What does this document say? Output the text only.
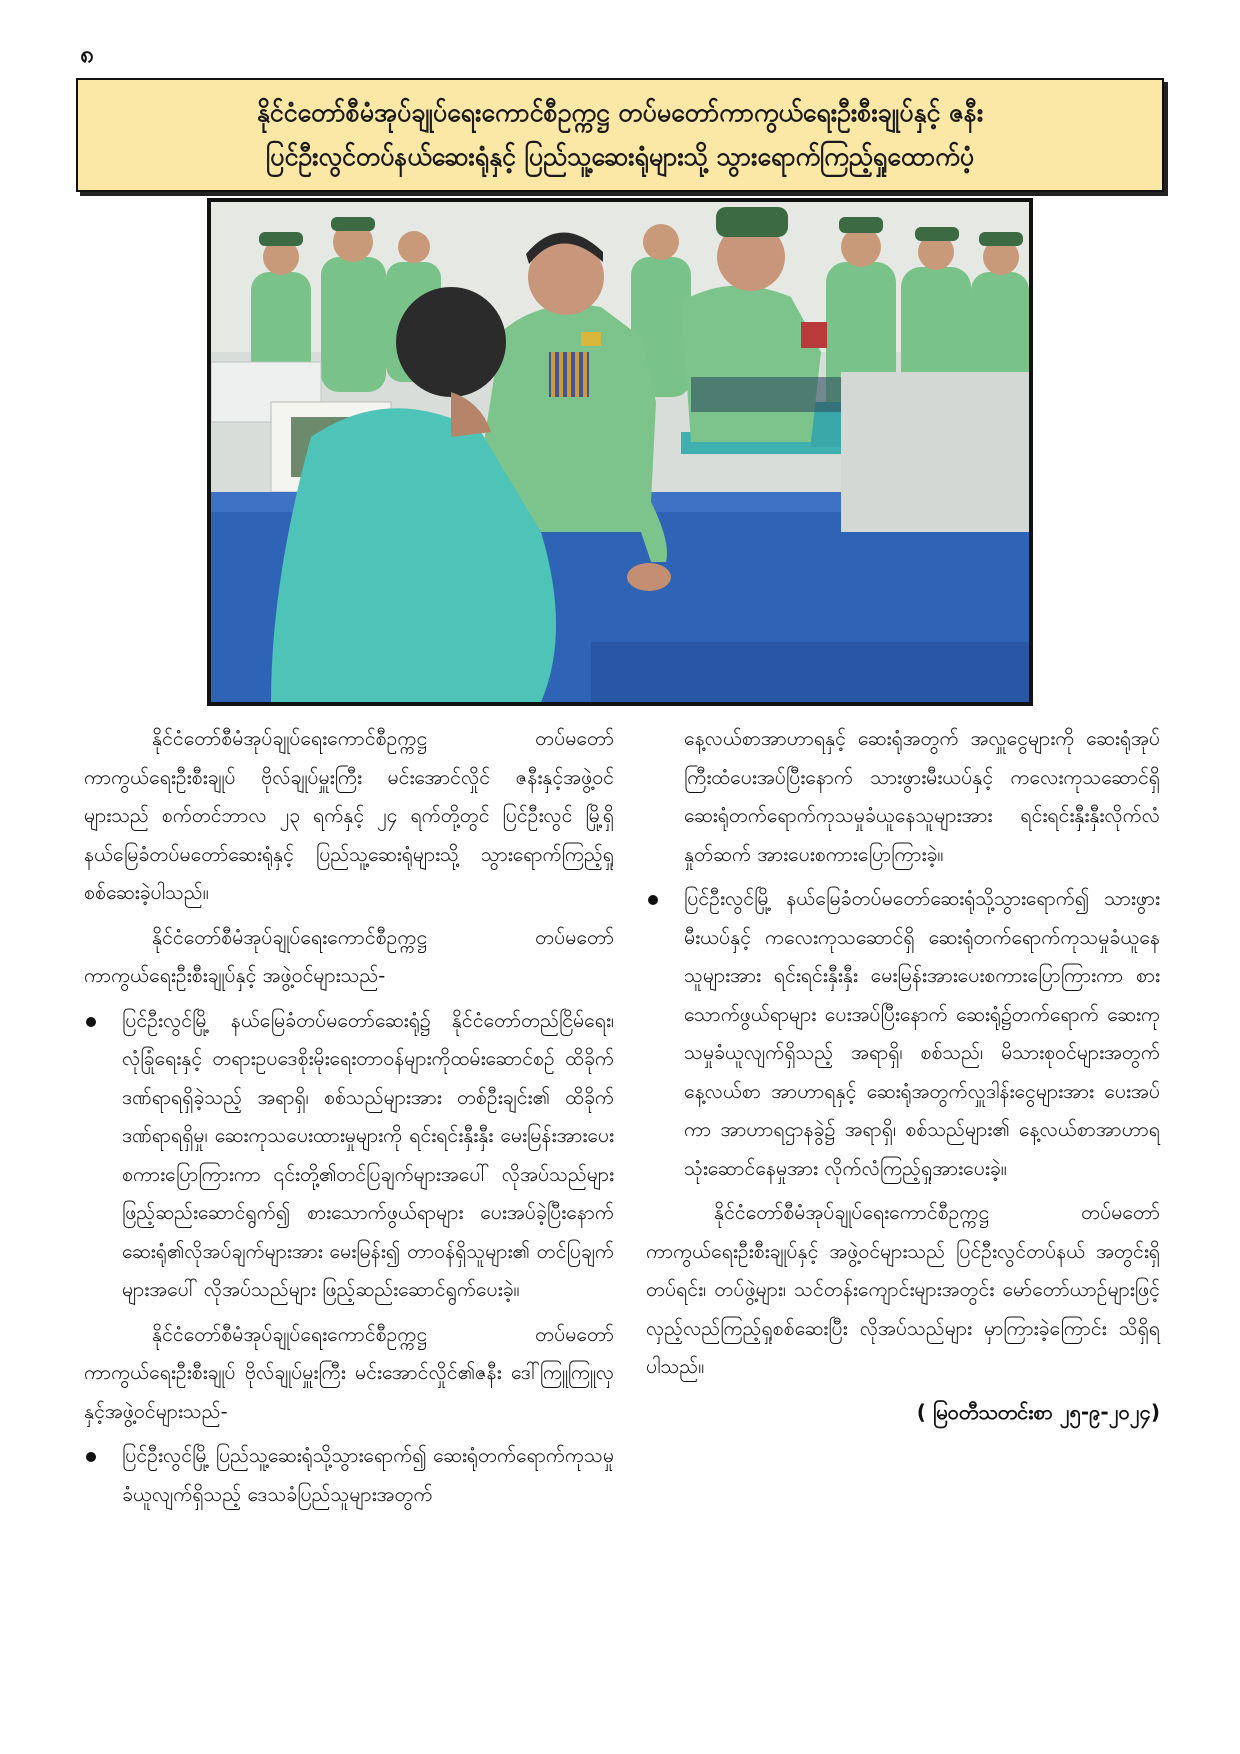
၈
နိုင်ငံတော်စီမံအုပ်ချုပ်ရေးကောင်စီဥက္ကဋ္ဌ တပ်မတော်ကာကွယ်ရေးဦးစီးချုပ်နှင့် ဇနီး
ပြင်ဦးလွင်တပ်နယ်ဆေးရုံနှင့် ပြည်သူ့ဆေးရုံများသို့ သွားရောက်ကြည့်ရှုထောက်ပံ့

နိုင်ငံတော်စီမံအုပ်ချုပ်ရေးကောင်စီဥက္ကဋ္ဌ တပ်မတော်ကာကွယ်ရေးဦးစီးချုပ် ဗိုလ်ချုပ်မှူးကြီး မင်းအောင်လှိုင် ဇနီးနှင့်အဖွဲ့ဝင်များသည် စက်တင်ဘာလ ၂၃ ရက်နှင့် ၂၄ ရက်တို့တွင် ပြင်ဦးလွင် မြို့ရှိ နယ်မြေခံတပ်မတော်ဆေးရုံနှင့် ပြည်သူ့ဆေးရုံများသို့ သွားရောက်ကြည့်ရှုစစ်ဆေးခဲ့ပါသည်။

နိုင်ငံတော်စီမံအုပ်ချုပ်ရေးကောင်စီဥက္ကဋ္ဌ တပ်မတော်ကာကွယ်ရေးဦးစီးချုပ်နှင့် အဖွဲ့ဝင်များသည်-

ပြင်ဦးလွင်မြို့ နယ်မြေခံတပ်မတော်ဆေးရုံ၌ နိုင်ငံတော်တည်ငြိမ်ရေး၊ လုံခြုံရေးနှင့် တရားဥပဒေစိုးမိုးရေးတာဝန်များကိုထမ်းဆောင်စဉ် ထိခိုက်ဒဏ်ရာရရှိခဲ့သည့် အရာရှိ၊ စစ်သည်များအား တစ်ဦးချင်း၏ ထိခိုက်ဒဏ်ရာရရှိမှု၊ ဆေးကုသပေးထားမှုများကို ရင်းရင်းနှီးနှီး မေးမြန်းအားပေးစကားပြောကြားကာ ၎င်းတို့၏တင်ပြချက်များအပေါ် လိုအပ်သည်များ ဖြည့်ဆည်းဆောင်ရွက်၍ စားသောက်ဖွယ်ရာများ ပေးအပ်ခဲ့ပြီးနောက် ဆေးရုံ၏လိုအပ်ချက်များအား မေးမြန်း၍ တာဝန်ရှိသူများ၏ တင်ပြချက်များအပေါ် လိုအပ်သည်များ ဖြည့်ဆည်းဆောင်ရွက်ပေးခဲ့။

နိုင်ငံတော်စီမံအုပ်ချုပ်ရေးကောင်စီဥက္ကဋ္ဌ တပ်မတော်ကာကွယ်ရေးဦးစီးချုပ် ဗိုလ်ချုပ်မှူးကြီး မင်းအောင်လှိုင်၏ဇနီး ဒေါ်ကြူကြူလှနှင့်အဖွဲ့ဝင်များသည်-

ပြင်ဦးလွင်မြို့ ပြည်သူ့ဆေးရုံသို့သွားရောက်၍ ဆေးရုံတက်ရောက်ကုသမှုခံယူလျက်ရှိသည့် ဒေသခံပြည်သူများအတွက်

နေ့လယ်စာအာဟာရနှင့် ဆေးရုံအတွက် အလှူငွေများကို ဆေးရုံအုပ်ကြီးထံပေးအပ်ပြီးနောက် သားဖွားမီးယပ်နှင့် ကလေးကုသဆောင်ရှိ ဆေးရုံတက်ရောက်ကုသမှုခံယူနေသူများအား ရင်းရင်းနှီးနှီးလိုက်လံနှုတ်ဆက် အားပေးစကားပြောကြားခဲ့။

ပြင်ဦးလွင်မြို့ နယ်မြေခံတပ်မတော်ဆေးရုံသို့သွားရောက်၍ သားဖွားမီးယပ်နှင့် ကလေးကုသဆောင်ရှိ ဆေးရုံတက်ရောက်ကုသမှုခံယူနေသူများအား ရင်းရင်းနှီးနှီး မေးမြန်းအားပေးစကားပြောကြားကာ စားသောက်ဖွယ်ရာများ ပေးအပ်ပြီးနောက် ဆေးရုံ၌တက်ရောက် ဆေးကုသမှုခံယူလျက်ရှိသည့် အရာရှိ၊ စစ်သည်၊ မိသားစုဝင်များအတွက် နေ့လယ်စာ အာဟာရနှင့် ဆေးရုံအတွက်လှူဒါန်းငွေများအား ပေးအပ်ကာ အာဟာရဌာနခွဲ၌ အရာရှိ၊ စစ်သည်များ၏ နေ့လယ်စာအာဟာရသုံးဆောင်နေမှုအား လိုက်လံကြည့်ရှုအားပေးခဲ့။

နိုင်ငံတော်စီမံအုပ်ချုပ်ရေးကောင်စီဥက္ကဋ္ဌ တပ်မတော်ကာကွယ်ရေးဦးစီးချုပ်နှင့် အဖွဲ့ဝင်များသည် ပြင်ဦးလွင်တပ်နယ် အတွင်းရှိ တပ်ရင်း၊ တပ်ဖွဲ့များ၊ သင်တန်းကျောင်းများအတွင်း မော်တော်ယာဉ်များဖြင့် လှည့်လည်ကြည့်ရှုစစ်ဆေးပြီး လိုအပ်သည်များ မှာကြားခဲ့ကြောင်း သိရှိရပါသည်။

( မြဝတီသတင်းစာ ၂၅-၉-၂၀၂၄)
